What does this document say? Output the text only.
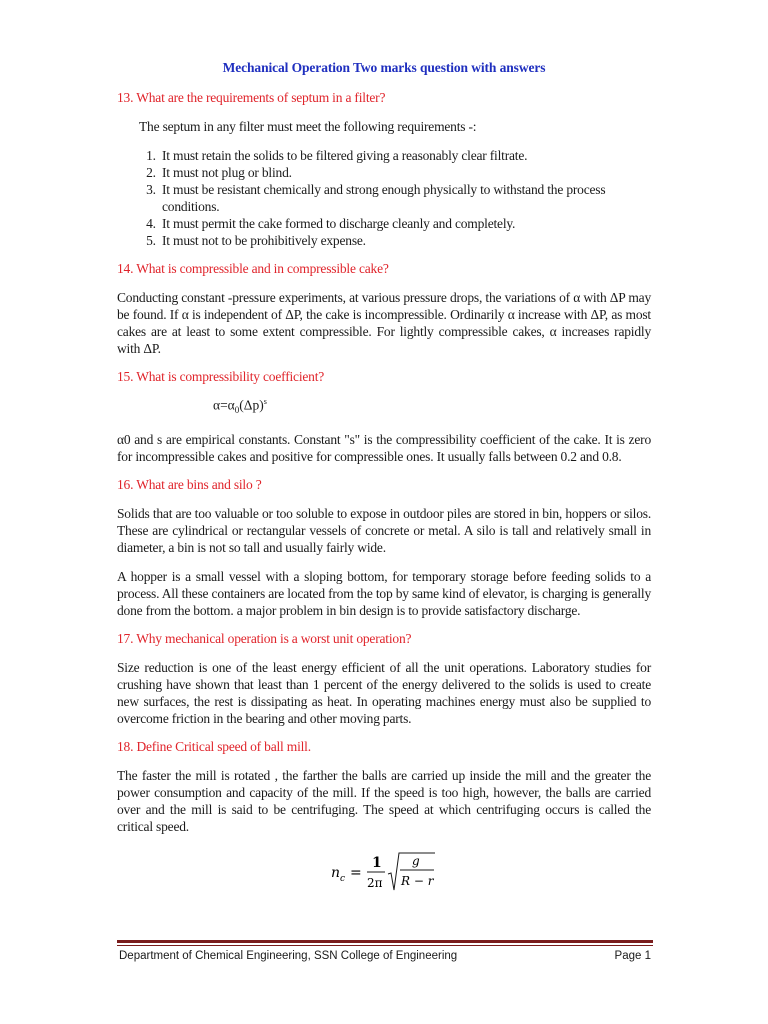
Mechanical Operation Two marks question with answers
13. What are the requirements of septum in a filter?

The septum in any filter must meet the following requirements -:

1. It must retain the solids to be filtered giving a reasonably clear filtrate.
2. It must not plug or blind.
3. It must be resistant chemically and strong enough physically to withstand the process conditions.
4. It must permit the cake formed to discharge cleanly and completely.
5. It must not to be prohibitively expense.
14. What is compressible and in compressible cake?

Conducting constant -pressure experiments, at various pressure drops, the variations of α with ΔP may be found. If α is independent of ΔP, the cake is incompressible. Ordinarily α increase with ΔP, as most cakes are at least to some extent compressible. For lightly compressible cakes, α increases rapidly with ΔP.

15. What is compressibility coefficient?
$\alpha=\alpha_0(\Delta p)^s$

α0 and s are empirical constants. Constant "s" is the compressibility coefficient of the cake. It is zero for incompressible cakes and positive for compressible ones. It usually falls between 0.2 and 0.8.

16. What are bins and silo ?

Solids that are too valuable or too soluble to expose in outdoor piles are stored in bin, hoppers or silos. These are cylindrical or rectangular vessels of concrete or metal. A silo is tall and relatively small in diameter, a bin is not so tall and usually fairly wide.

A hopper is a small vessel with a sloping bottom, for temporary storage before feeding solids to a process. All these containers are located from the top by same kind of elevator, is charging is generally done from the bottom. a major problem in bin design is to provide satisfactory discharge.

17. Why mechanical operation is a worst unit operation?

Size reduction is one of the least energy efficient of all the unit operations. Laboratory studies for crushing have shown that least than 1 percent of the energy delivered to the solids is used to create new surfaces, the rest is dissipating as heat. In operating machines energy must also be supplied to overcome friction in the bearing and other moving parts.

18. Define Critical speed of ball mill.

The faster the mill is rotated , the farther the balls are carried up inside the mill and the greater the power consumption and capacity of the mill. If the speed is too high, however, the balls are carried over and the mill is said to be centrifuging. The speed at which centrifuging occurs is called the critical speed.

n c =
1
2π
g
R − r
Department of Chemical Engineering, SSN College of Engineering	Page 1
